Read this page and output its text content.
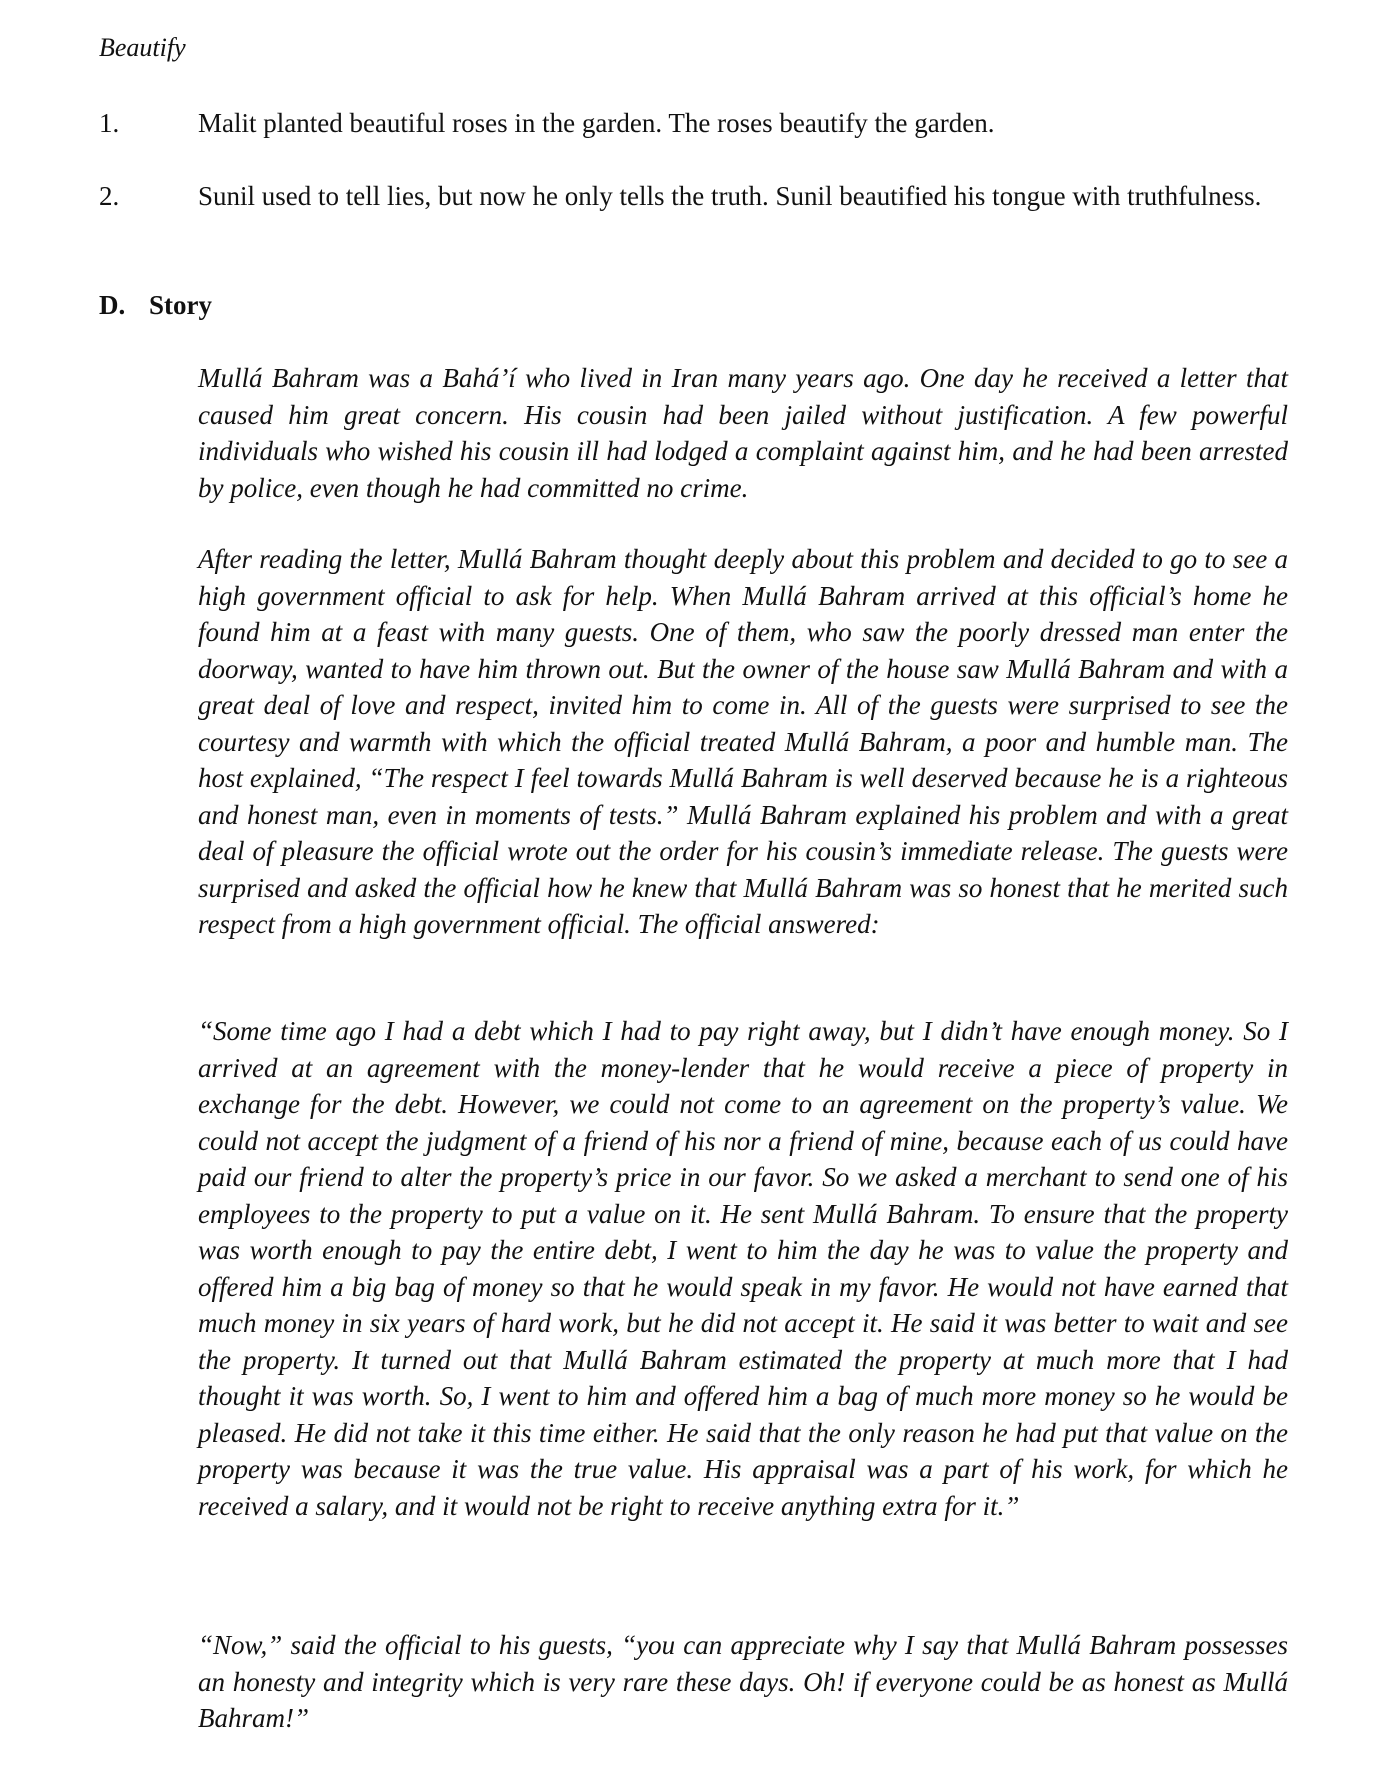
Beautify
1.	Malit planted beautiful roses in the garden. The roses beautify the garden.
2.	Sunil used to tell lies, but now he only tells the truth. Sunil beautified his tongue with truthfulness.
D. Story

Mullá Bahram was a Bahá’í who lived in Iran many years ago. One day he received a letter that caused him great concern. His cousin had been jailed without justification. A few powerful individuals who wished his cousin ill had lodged a complaint against him, and he had been arrested by police, even though he had committed no crime.

After reading the letter, Mullá Bahram thought deeply about this problem and decided to go to see a high government official to ask for help. When Mullá Bahram arrived at this official’s home he found him at a feast with many guests. One of them, who saw the poorly dressed man enter the doorway, wanted to have him thrown out. But the owner of the house saw Mullá Bahram and with a great deal of love and respect, invited him to come in. All of the guests were surprised to see the courtesy and warmth with which the official treated Mullá Bahram, a poor and humble man. The host explained, “The respect I feel towards Mullá Bahram is well deserved because he is a righteous and honest man, even in moments of tests.” Mullá Bahram explained his problem and with a great deal of pleasure the official wrote out the order for his cousin’s immediate release. The guests were surprised and asked the official how he knew that Mullá Bahram was so honest that he merited such respect from a high government official. The official answered:

“Some time ago I had a debt which I had to pay right away, but I didn’t have enough money. So I arrived at an agreement with the money-lender that he would receive a piece of property in exchange for the debt. However, we could not come to an agreement on the property’s value. We could not accept the judgment of a friend of his nor a friend of mine, because each of us could have paid our friend to alter the property’s price in our favor. So we asked a merchant to send one of his employees to the property to put a value on it. He sent Mullá Bahram. To ensure that the property was worth enough to pay the entire debt, I went to him the day he was to value the property and offered him a big bag of money so that he would speak in my favor. He would not have earned that much money in six years of hard work, but he did not accept it. He said it was better to wait and see the property. It turned out that Mullá Bahram estimated the property at much more that I had thought it was worth. So, I went to him and offered him a bag of much more money so he would be pleased. He did not take it this time either. He said that the only reason he had put that value on the property was because it was the true value. His appraisal was a part of his work, for which he received a salary, and it would not be right to receive anything extra for it.”

“Now,” said the official to his guests, “you can appreciate why I say that Mullá Bahram possesses an honesty and integrity which is very rare these days. Oh! if everyone could be as honest as Mullá Bahram!”
